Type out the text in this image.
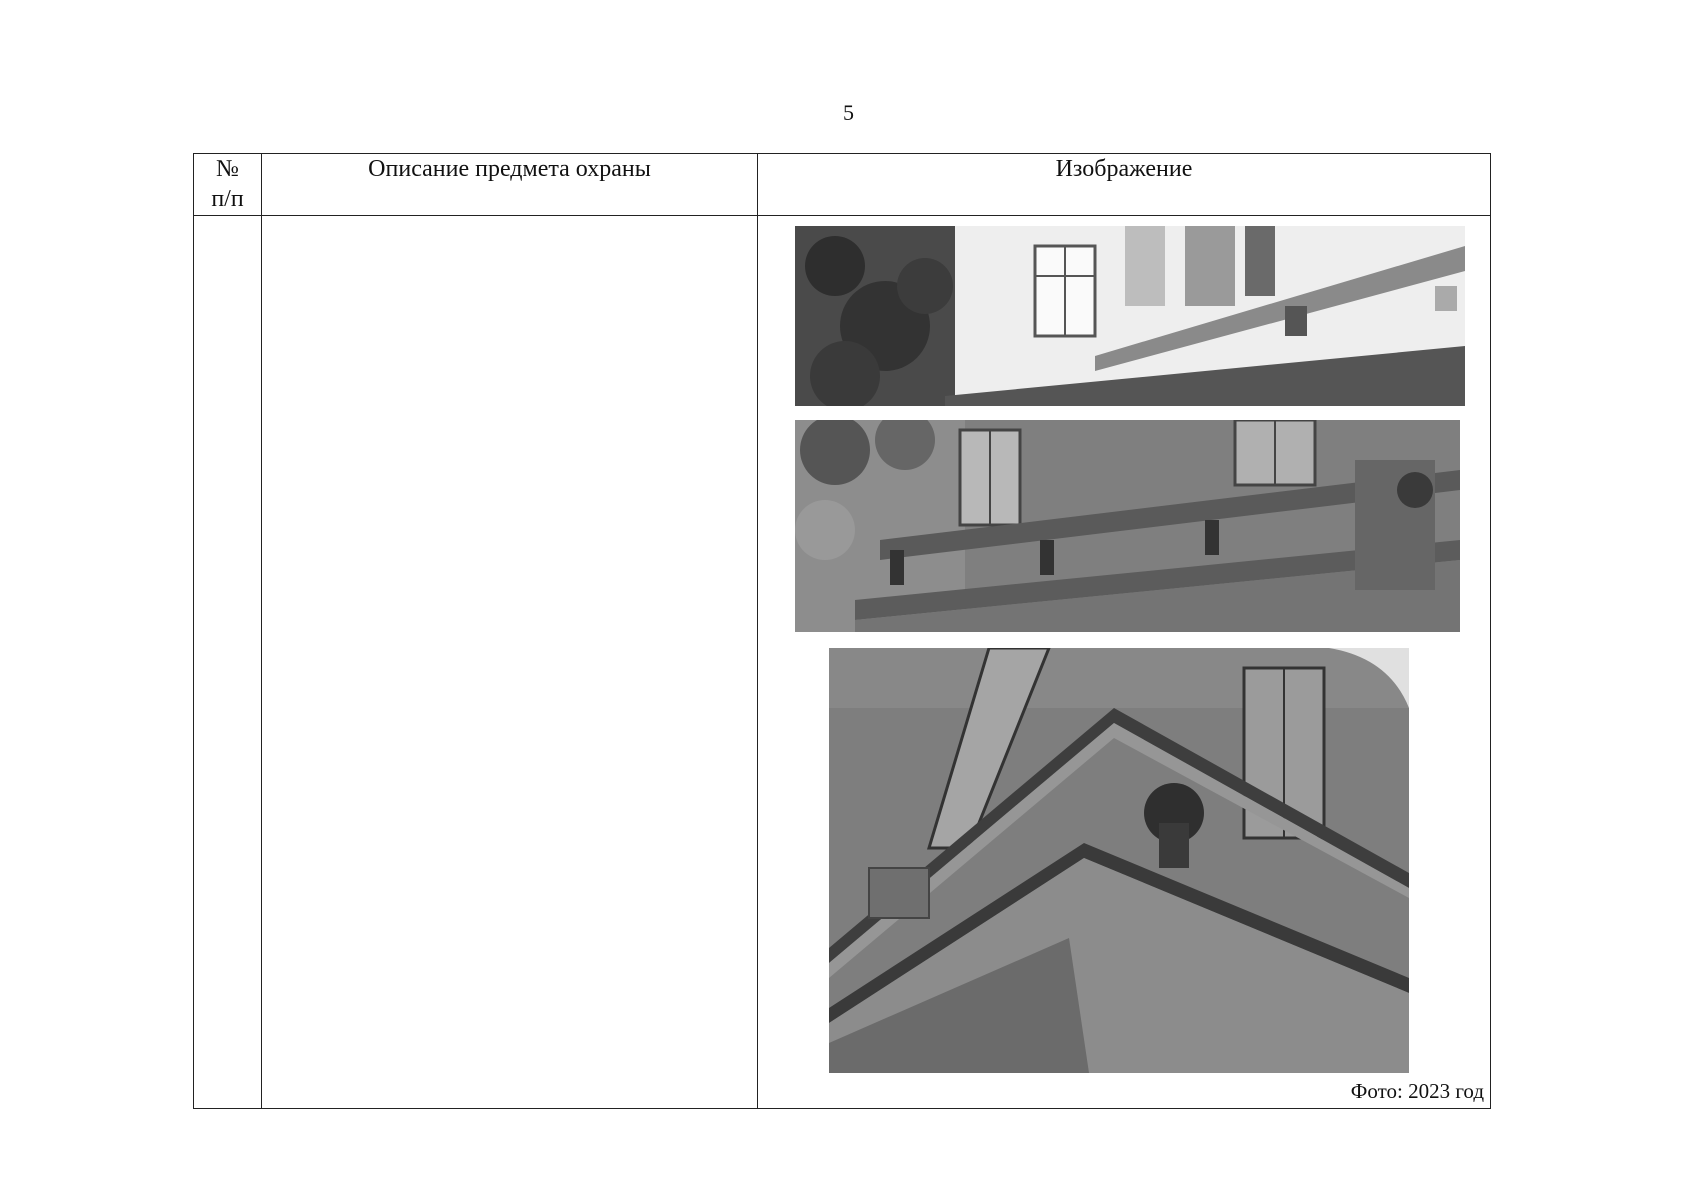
5
№
п/п	Описание предмета охраны	Изображение

		Фото: 2023 год
